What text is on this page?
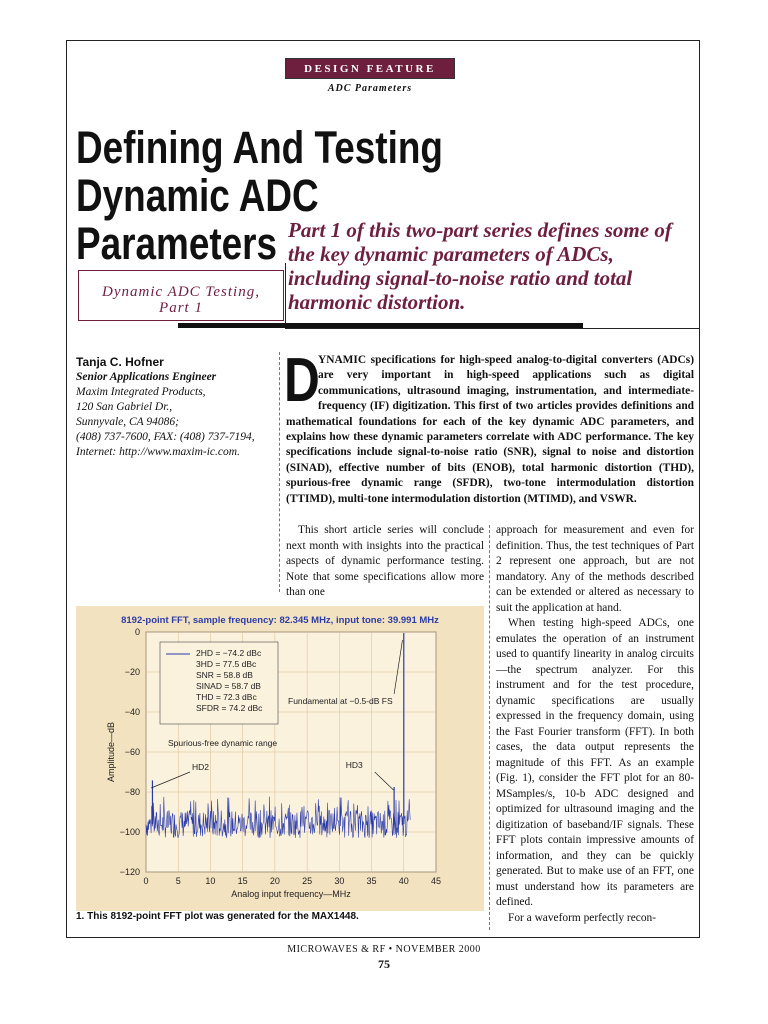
DESIGN FEATURE
ADC Parameters
Defining And Testing
Dynamic ADC
Parameters Part 1 of this two-part series defines some of the key dynamic parameters of ADCs, including signal-to-noise ratio and total harmonic distortion.
Dynamic ADC Testing,
Part 1
Tanja C. Hofner
Senior Applications Engineer
Maxim Integrated Products,
120 San Gabriel Dr.,
Sunnyvale, CA 94086;
(408) 737-7600, FAX: (408) 737-7194,
Internet: http://www.maxim-ic.com.
D
YNAMIC specifications for high-speed analog-to-digital converters (ADCs) are very important in high-speed applications such as digital communications, ultrasound imaging, instrumentation, and intermediate-frequency (IF) digitization. This first of two articles provides definitions and mathematical foundations for each of the key dynamic ADC parameters, and explains how these dynamic parameters correlate with ADC performance. The key specifications include signal-to-noise ratio (SNR), signal to noise and distortion (SINAD), effective number of bits (ENOB), total harmonic distortion (THD), spurious-free dynamic range (SFDR), two-tone intermodulation distortion (TTIMD), multi-tone intermodulation distortion (MTIMD), and VSWR.

This short article series will conclude next month with insights into the practical aspects of dynamic performance testing. Note that some specifications allow more than one

approach for measurement and even for definition. Thus, the test techniques of Part 2 represent one approach, but are not mandatory. Any of the methods described can be extended or altered as necessary to suit the application at hand.

When testing high-speed ADCs, one emulates the operation of an instrument used to quantify linearity in analog circuits—the spectrum analyzer. For this instrument and for the test procedure, dynamic specifications are usually expressed in the frequency domain, using the Fast Fourier transform (FFT). In both cases, the data output represents the magnitude of this FFT. As an example (Fig. 1), consider the FFT plot for an 80-MSamples/s, 10-b ADC designed and optimized for ultrasound imaging and the digitization of baseband/IF signals. These FFT plots contain impressive amounts of information, and they can be quickly generated. But to make use of an FFT, one must understand how its parameters are defined.

For a waveform perfectly recon-

8192-point FFT, sample frequency: 82.345 MHz, input tone: 39.991 MHz
0	5	10 15 20 25 30 35 40 45
0
−20
−40
−60
−80
−100
−120
Analog input frequency—MHz
Amplitude—dB
2HD = −74.2 dBc
3HD = 77.5 dBc
SNR = 58.8 dB
SINAD = 58.7 dB
THD = 72.3 dBc
SFDR = 74.2 dBc
Fundamental at −0.5-dB FS
Spurious-free dynamic range
HD2	HD3
1. This 8192-point FFT plot was generated for the MAX1448.
MICROWAVES & RF • NOVEMBER 2000
75
